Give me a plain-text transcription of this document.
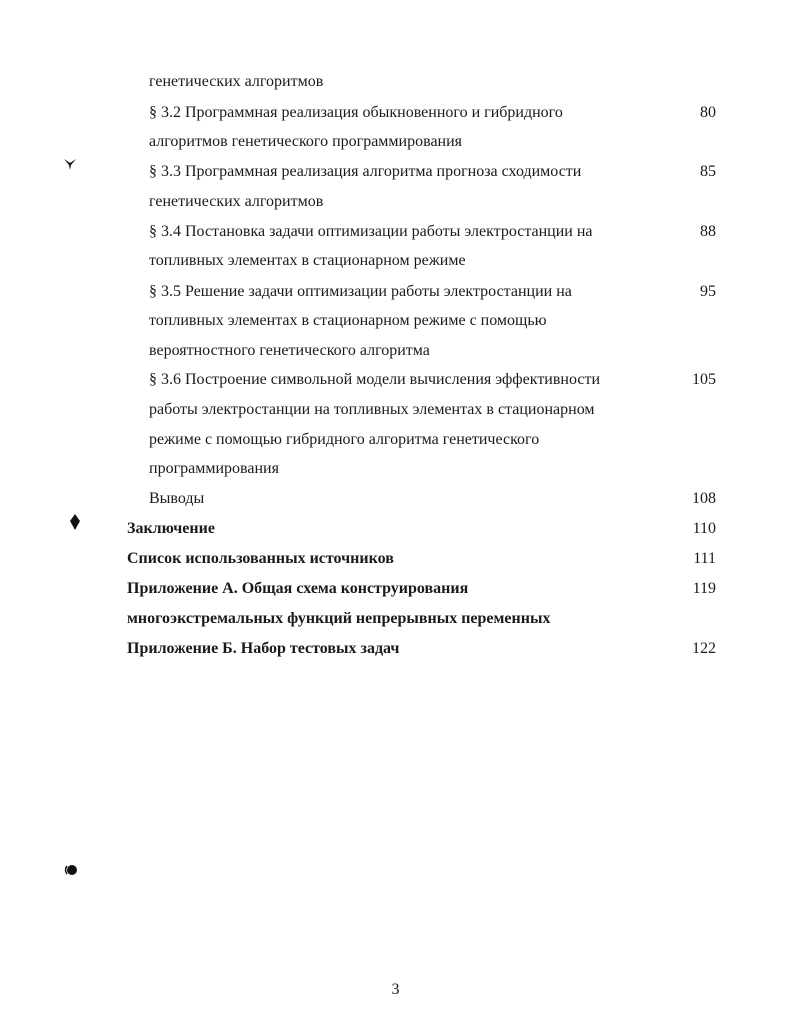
генетических алгоритмов
§ 3.2 Программная реализация обыкновенного и гибридного	80
алгоритмов генетического программирования
§ 3.3 Программная реализация алгоритма прогноза сходимости	85
генетических алгоритмов
§ 3.4 Постановка задачи оптимизации работы электростанции на	88
топливных элементах в стационарном режиме
§ 3.5 Решение задачи оптимизации работы электростанции на	95
топливных элементах в стационарном режиме с помощью
вероятностного генетического алгоритма
§ 3.6 Построение символьной модели вычисления эффективности	105
работы электростанции на топливных элементах в стационарном
режиме с помощью гибридного алгоритма генетического
программирования
Выводы	108
Заключение	110
Список использованных источников	111
Приложение А. Общая схема конструирования	119
многоэкстремальных функций непрерывных переменных
Приложение Б. Набор тестовых задач	122
3
